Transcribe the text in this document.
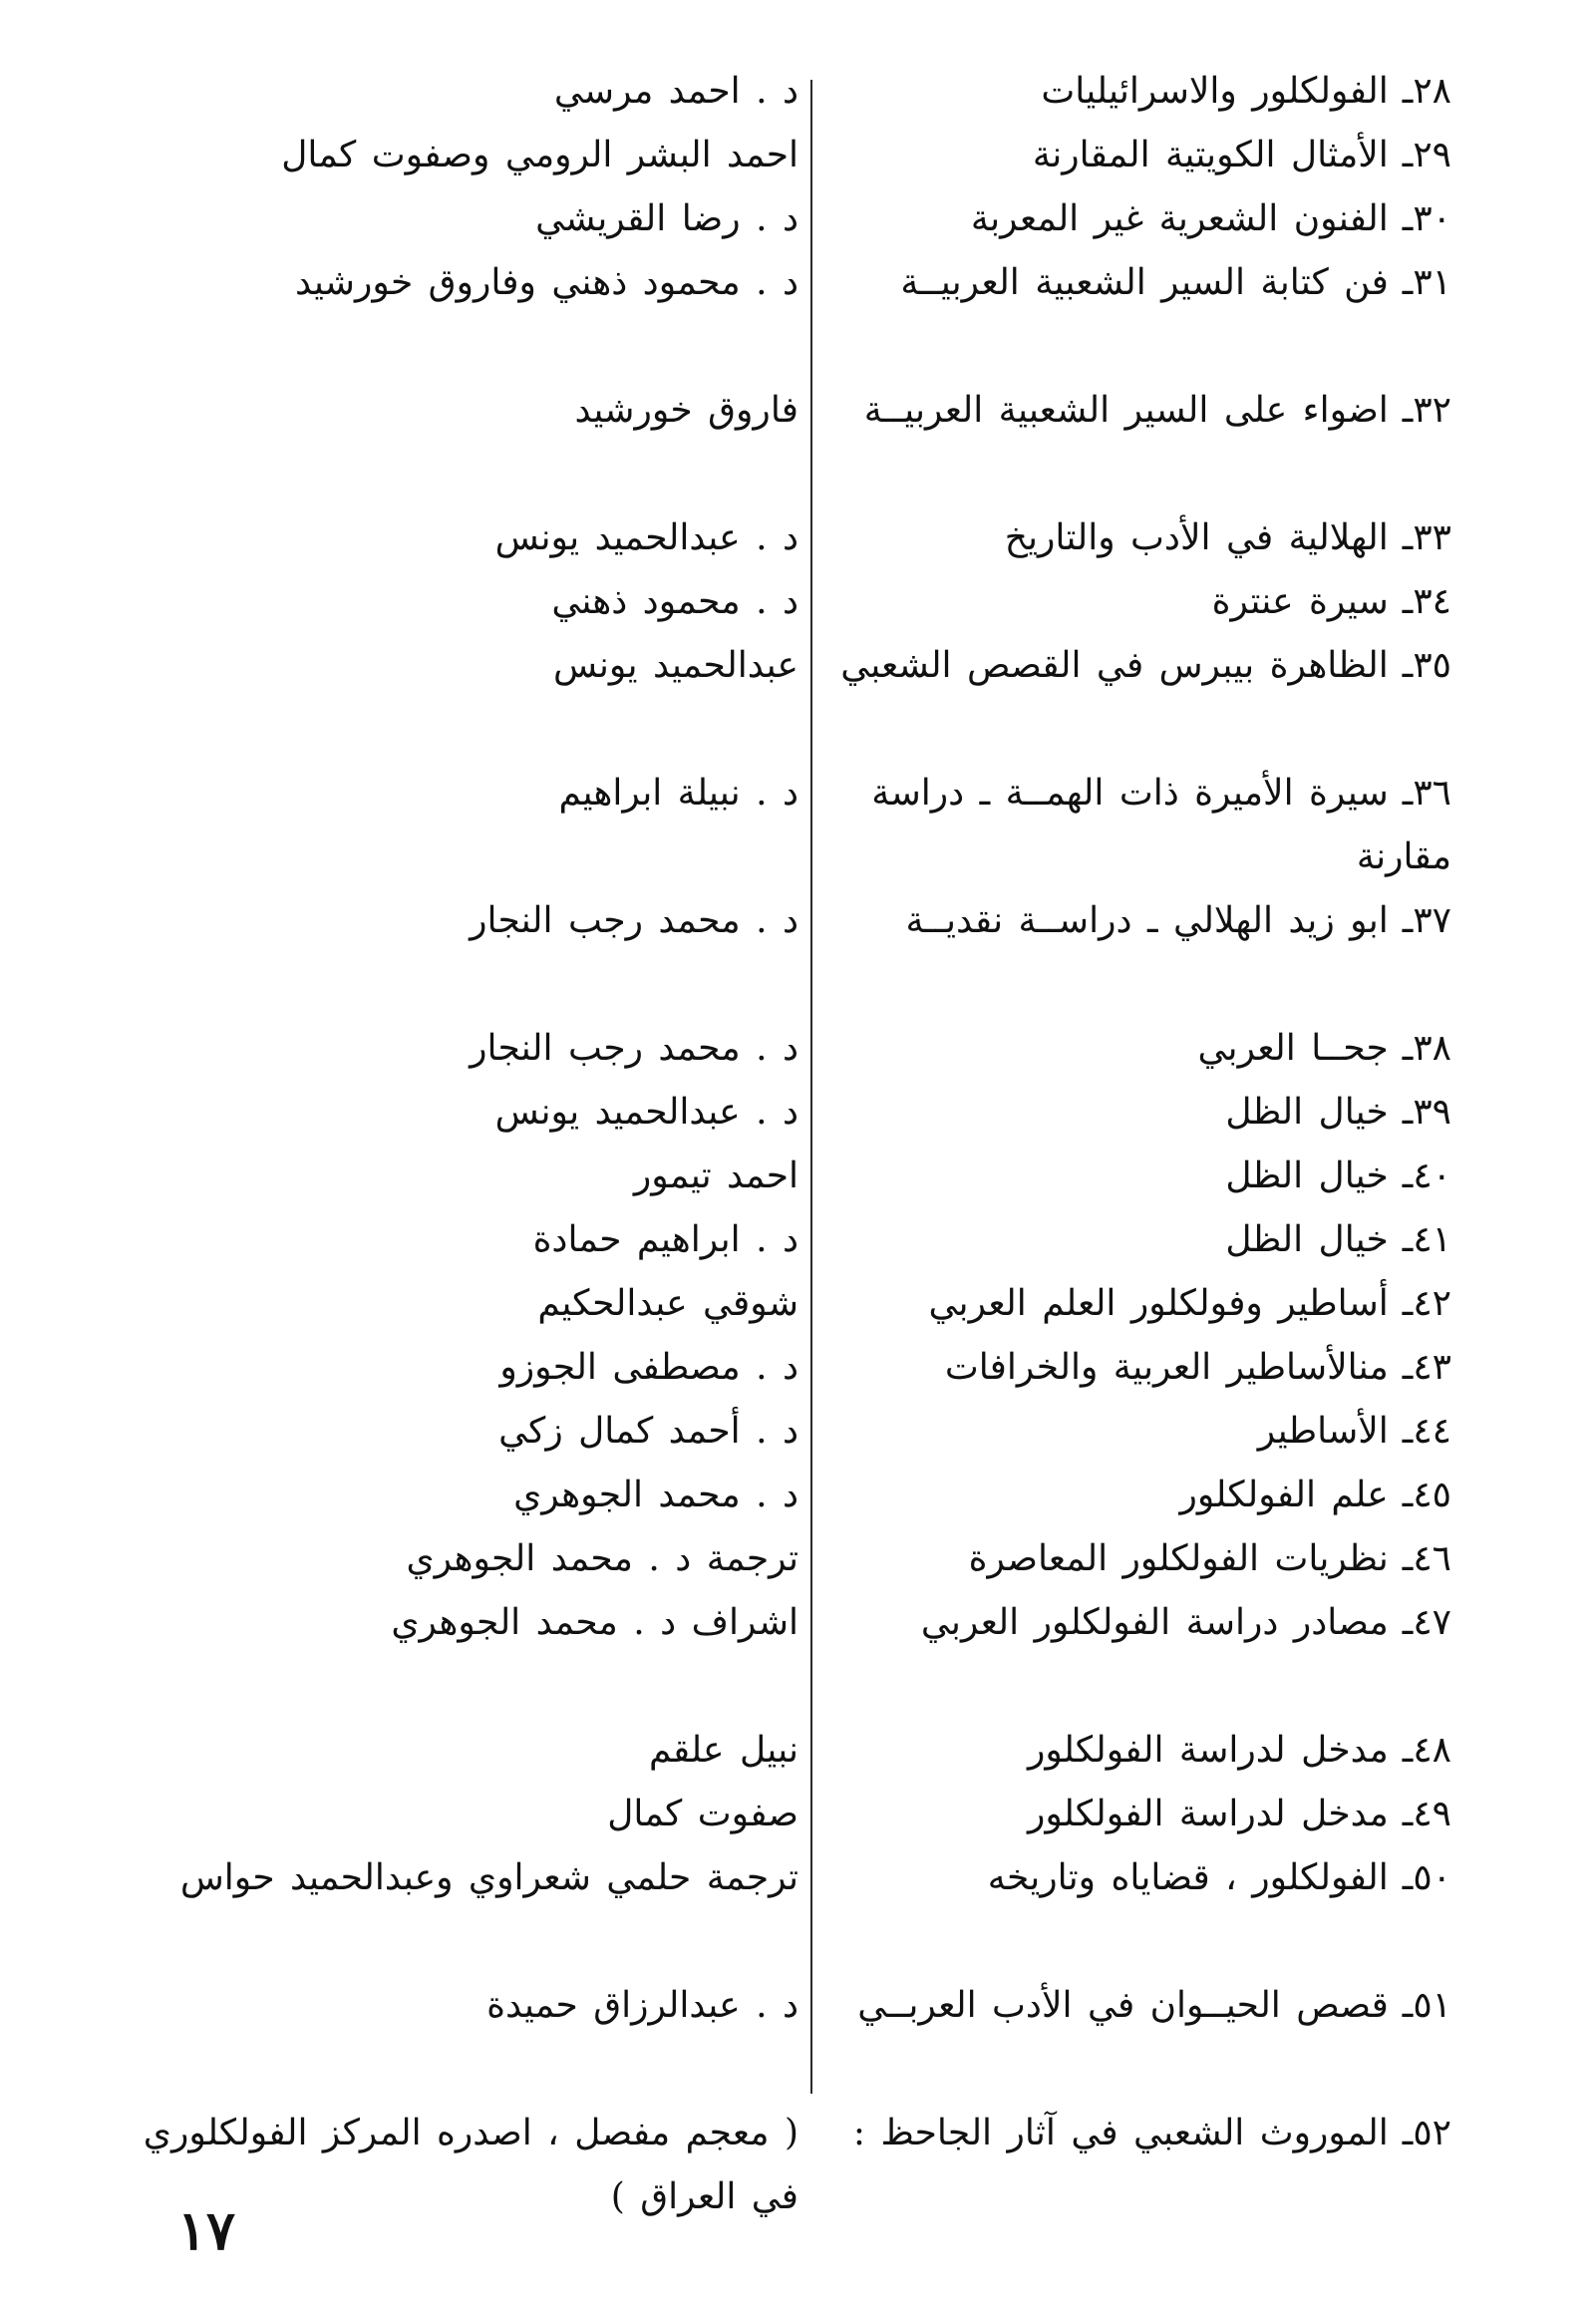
٢٨ـالفولكلور والاسرائيليات
د . احمد مرسي
٢٩ـالأمثال الكويتية المقارنة
احمد البشر الرومي وصفوت كمال
٣٠ـالفنون الشعرية غير المعربة
د . رضا القريشي
٣١ـفن كتابة السير الشعبية العربيــة
د . محمود ذهني وفاروق خورشيد
٣٢ـاضواء على السير الشعبية العربيــة
فاروق خورشيد
٣٣ـالهلالية في الأدب والتاريخ
د . عبدالحميد يونس
٣٤ـسيرة عنترة
د . محمود ذهني
٣٥ـالظاهرة بيبرس في القصص الشعبي
عبدالحميد يونس
٣٦ـسيرة الأميرة ذات الهمــة ـ دراسة مقارنة
د . نبيلة ابراهيم
٣٧ـابو زيد الهلالي ـ دراســة نقديــة
د . محمد رجب النجار
٣٨ـجحــا العربي
د . محمد رجب النجار
٣٩ـخيال الظل
د . عبدالحميد يونس
٤٠ـخيال الظل
احمد تيمور
٤١ـخيال الظل
د . ابراهيم حمادة
٤٢ـأساطير وفولكلور العلم العربي
شوقي عبدالحكيم
٤٣ـمنالأساطير العربية والخرافات
د . مصطفى الجوزو
٤٤ـالأساطير
د . أحمد كمال زكي
٤٥ـعلم الفولكلور
د . محمد الجوهري
٤٦ـنظريات الفولكلور المعاصرة
ترجمة د . محمد الجوهري
٤٧ـمصادر دراسة الفولكلور العربي
اشراف د . محمد الجوهري
٤٨ـمدخل لدراسة الفولكلور
نبيل علقم
٤٩ـمدخل لدراسة الفولكلور
صفوت كمال
٥٠ـالفولكلور ، قضاياه وتاريخه
ترجمة حلمي شعراوي وعبدالحميد حواس
٥١ـقصص الحيــوان في الأدب العربــي
د . عبدالرزاق حميدة
٥٢ـالموروث الشعبي في آثار الجاحظ :
( معجم مفصل ، اصدره المركز الفولكلوري في العراق )
١٧
